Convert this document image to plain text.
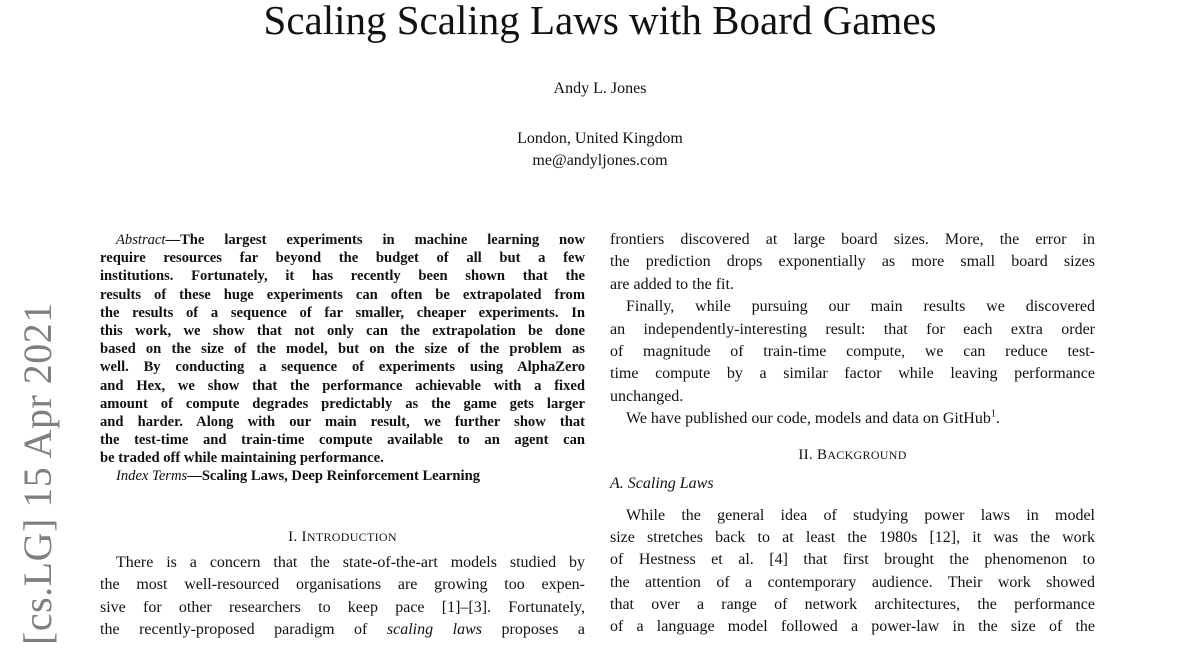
Scaling Scaling Laws with Board Games
Andy L. Jones
London, United Kingdom
me@andyljones.com
[cs.LG] 15 Apr 2021
Abstract—The largest experiments in machine learning now
require resources far beyond the budget of all but a few
institutions. Fortunately, it has recently been shown that the
results of these huge experiments can often be extrapolated from
the results of a sequence of far smaller, cheaper experiments. In
this work, we show that not only can the extrapolation be done
based on the size of the model, but on the size of the problem as
well. By conducting a sequence of experiments using AlphaZero
and Hex, we show that the performance achievable with a fixed
amount of compute degrades predictably as the game gets larger
and harder. Along with our main result, we further show that
the test-time and train-time compute available to an agent can
be traded off while maintaining performance.
Index Terms—Scaling Laws, Deep Reinforcement Learning
I. INTRODUCTION
There is a concern that the state-of-the-art models studied by
the most well-resourced organisations are growing too expen-
sive for other researchers to keep pace [1]–[3]. Fortunately,
the recently-proposed paradigm of scaling laws proposes a
frontiers discovered at large board sizes. More, the error in
the prediction drops exponentially as more small board sizes
are added to the fit.
Finally, while pursuing our main results we discovered
an independently-interesting result: that for each extra order
of magnitude of train-time compute, we can reduce test-
time compute by a similar factor while leaving performance
unchanged.
We have published our code, models and data on GitHub$^1$.
II. BACKGROUND
A. Scaling Laws
While the general idea of studying power laws in model
size stretches back to at least the 1980s [12], it was the work
of Hestness et al. [4] that first brought the phenomenon to
the attention of a contemporary audience. Their work showed
that over a range of network architectures, the performance
of a language model followed a power-law in the size of the
